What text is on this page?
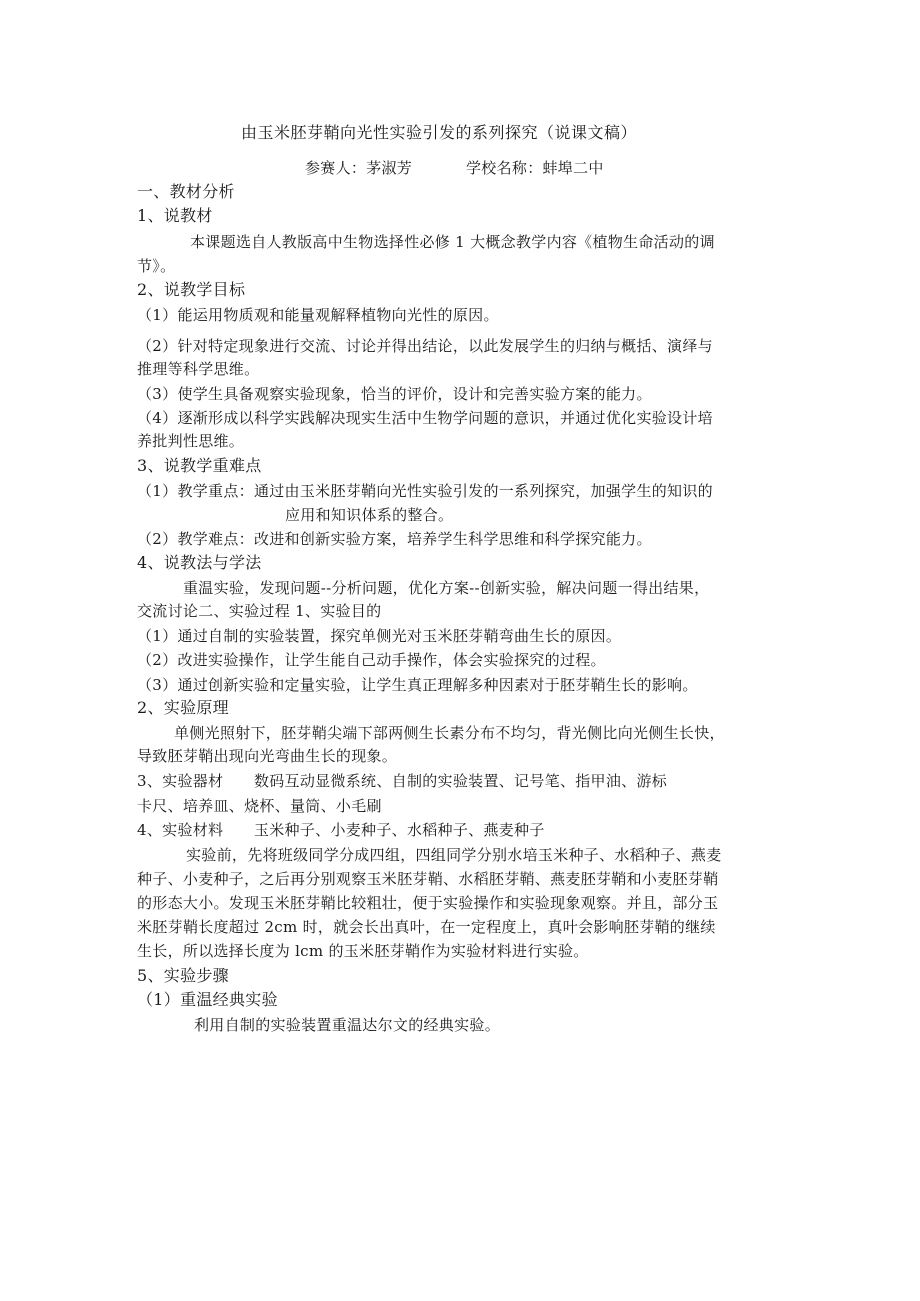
由玉米胚芽鞘向光性实验引发的系列探究（说课文稿）
参赛人：茅淑芳	学校名称：蚌埠二中
一、教材分析
1、说教材
本课题选自人教版高中生物选择性必修 1 大概念教学内容《植物生命活动的调
节》。
2、说教学目标
（1）能运用物质观和能量观解释植物向光性的原因。
（2）针对特定现象进行交流、讨论并得出结论，以此发展学生的归纳与概括、演绎与
推理等科学思维。
（3）使学生具备观察实验现象，恰当的评价，设计和完善实验方案的能力。
（4）逐渐形成以科学实践解决现实生活中生物学问题的意识，并通过优化实验设计培
养批判性思维。
3、说教学重难点
（1）教学重点：通过由玉米胚芽鞘向光性实验引发的一系列探究，加强学生的知识的
应用和知识体系的整合。
（2）教学难点：改进和创新实验方案，培养学生科学思维和科学探究能力。
4、说教法与学法
重温实验，发现问题--分析问题，优化方案--创新实验，解决问题一得出结果，
交流讨论二、实验过程 1、实验目的
（1）通过自制的实验装置，探究单侧光对玉米胚芽鞘弯曲生长的原因。
（2）改进实验操作，让学生能自己动手操作，体会实验探究的过程。
（3）通过创新实验和定量实验，让学生真正理解多种因素对于胚芽鞘生长的影响。
2、实验原理
单侧光照射下，胚芽鞘尖端下部两侧生长素分布不均匀，背光侧比向光侧生长快，
导致胚芽鞘出现向光弯曲生长的现象。
3、实验器材　　数码互动显微系统、自制的实验装置、记号笔、指甲油、游标
卡尺、培养皿、烧杯、量筒、小毛刷
4、实验材料　　玉米种子、小麦种子、水稻种子、燕麦种子
实验前，先将班级同学分成四组，四组同学分别水培玉米种子、水稻种子、燕麦
种子、小麦种子，之后再分别观察玉米胚芽鞘、水稻胚芽鞘、燕麦胚芽鞘和小麦胚芽鞘
的形态大小。发现玉米胚芽鞘比较粗壮，便于实验操作和实验现象观察。并且，部分玉
米胚芽鞘长度超过 2cm 时，就会长出真叶，在一定程度上，真叶会影响胚芽鞘的继续
生长，所以选择长度为 lcm 的玉米胚芽鞘作为实验材料进行实验。
5、实验步骤
（1）重温经典实验
利用自制的实验装置重温达尔文的经典实验。
